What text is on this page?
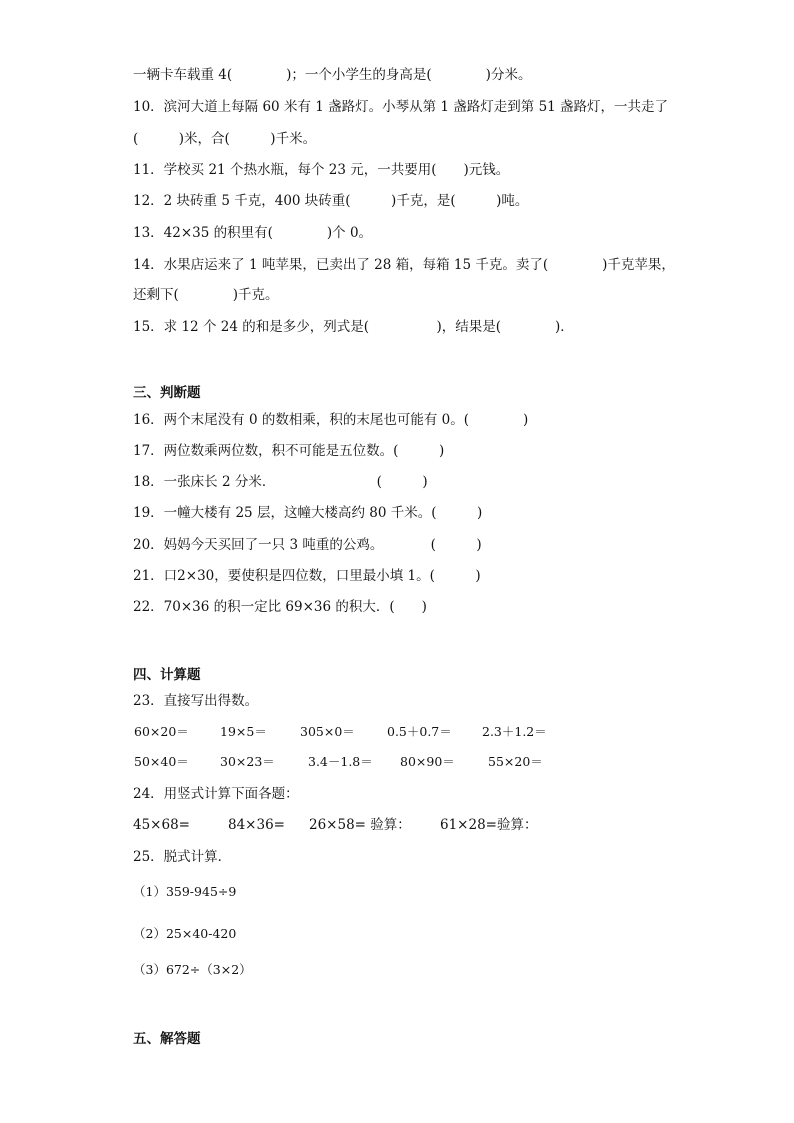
一辆卡车载重 4(　　　　)；一个小学生的身高是(　　　　)分米。
10．滨河大道上每隔 60 米有 1 盏路灯。小琴从第 1 盏路灯走到第 51 盏路灯，一共走了
(　　　)米，合(　　　)千米。
11．学校买 21 个热水瓶，每个 23 元，一共要用(　　)元钱。
12．2 块砖重 5 千克，400 块砖重(　　　)千克，是(　　　)吨。
13．42×35 的积里有(　　　　)个 0。
14．水果店运来了 1 吨苹果，已卖出了 28 箱，每箱 15 千克。卖了(　　　　)千克苹果，
还剩下(　　　　)千克。
15．求 12 个 24 的和是多少，列式是(　　　　　)，结果是(　　　　)．
三、判断题
16．两个末尾没有 0 的数相乘，积的末尾也可能有 0。(　　　　)
17．两位数乘两位数，积不可能是五位数。(　　　)
18．一张床长 2 分米．　　　　　　　　(　　　)
19．一幢大楼有 25 层，这幢大楼高约 80 千米。(　　　)
20．妈妈今天买回了一只 3 吨重的公鸡。　　　　(　　　)
21．口2×30，要使积是四位数，口里最小填 1。(　　　)
22．70×36 的积一定比 69×36 的积大．(　　)
四、计算题
23．直接写出得数。
60×20＝ 19×5＝	305×0＝	0.5＋0.7＝ 2.3＋1.2＝
50×40＝ 30×23＝	3.4－1.8＝ 80×90＝	55×20＝
24．用竖式计算下面各题：
45×68=	84×36= 26×58= 验算： 61×28=验算：
25．脱式计算．
（1）359-945÷9
（2）25×40-420
（3）672÷（3×2）
五、解答题
